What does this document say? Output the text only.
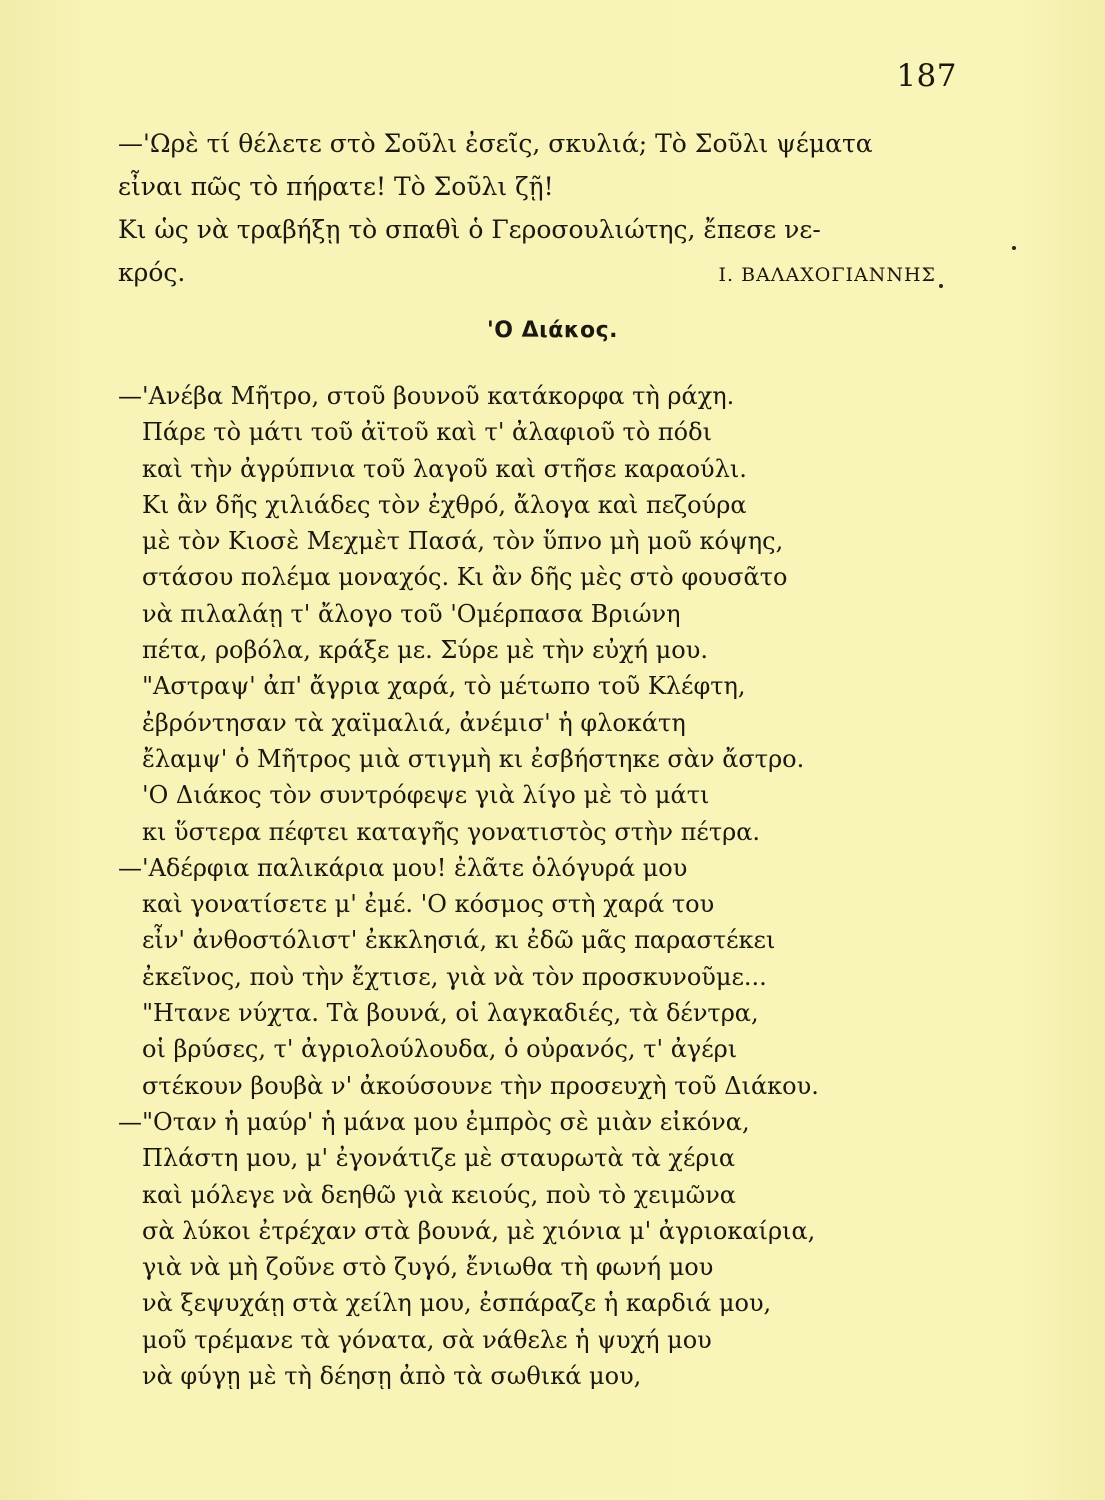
187
—'Ωρὲ τί θέλετε στὸ Σοῦλι ἐσεῖς, σκυλιά; Τὸ Σοῦλι ψέματα
εἶναι πῶς τὸ πήρατε! Τὸ Σοῦλι ζῇ!
Κι ὡς νὰ τραβήξῃ τὸ σπαθὶ ὁ Γεροσουλιώτης, ἔπεσε νε-
κρός.	Ι. ΒΑΛΑΧΟΓΙΑΝΝΗΣ
'Ο Διάκος.
—'Ανέβα Μῆτρο, στοῦ βουνοῦ κατάκορφα τὴ ράχη.
Πάρε τὸ μάτι τοῦ ἀϊτοῦ καὶ τ' ἀλαφιοῦ τὸ πόδι
καὶ τὴν ἀγρύπνια τοῦ λαγοῦ καὶ στῆσε καραούλι.
Κι ἂν δῆς χιλιάδες τὸν ἐχθρό, ἄλογα καὶ πεζούρα
μὲ τὸν Κιοσὲ Μεχμὲτ Πασά, τὸν ὕπνο μὴ μοῦ κόψης,
στάσου πολέμα μοναχός. Κι ἂν δῆς μὲς στὸ φουσᾶτο
νὰ πιλαλάῃ τ' ἄλογο τοῦ 'Ομέρπασα Βριώνη
πέτα, ροβόλα, κράξε με. Σύρε μὲ τὴν εὐχή μου.
"Αστραψ' ἀπ' ἄγρια χαρά, τὸ μέτωπο τοῦ Κλέφτη,
ἐβρόντησαν τὰ χαϊμαλιά, ἀνέμισ' ἡ φλοκάτη
ἔλαμψ' ὁ Μῆτρος μιὰ στιγμὴ κι ἐσβήστηκε σὰν ἄστρο.
'Ο Διάκος τὸν συντρόφεψε γιὰ λίγο μὲ τὸ μάτι
κι ὕστερα πέφτει καταγῆς γονατιστὸς στὴν πέτρα.
—'Αδέρφια παλικάρια μου! ἐλᾶτε ὁλόγυρά μου
καὶ γονατίσετε μ' ἐμέ. 'Ο κόσμος στὴ χαρά του
εἶν' ἀνθοστόλιστ' ἐκκλησιά, κι ἐδῶ μᾶς παραστέκει
ἐκεῖνος, ποὺ τὴν ἔχτισε, γιὰ νὰ τὸν προσκυνοῦμε...
"Ητανε νύχτα. Τὰ βουνά, οἱ λαγκαδιές, τὰ δέντρα,
οἱ βρύσες, τ' ἀγριολούλουδα, ὁ οὐρανός, τ' ἀγέρι
στέκουν βουβὰ ν' ἀκούσουνε τὴν προσευχὴ τοῦ Διάκου.
—"Οταν ἡ μαύρ' ἡ μάνα μου ἐμπρὸς σὲ μιὰν εἰκόνα,
Πλάστη μου, μ' ἐγονάτιζε μὲ σταυρωτὰ τὰ χέρια
καὶ μόλεγε νὰ δεηθῶ γιὰ κειούς, ποὺ τὸ χειμῶνα
σὰ λύκοι ἐτρέχαν στὰ βουνά, μὲ χιόνια μ' ἀγριοκαίρια,
γιὰ νὰ μὴ ζοῦνε στὸ ζυγό, ἔνιωθα τὴ φωνή μου
νὰ ξεψυχάῃ στὰ χείλη μου, ἐσπάραζε ἡ καρδιά μου,
μοῦ τρέμανε τὰ γόνατα, σὰ νάθελε ἡ ψυχή μου
νὰ φύγῃ μὲ τὴ δέησῃ ἀπὸ τὰ σωθικά μου,
